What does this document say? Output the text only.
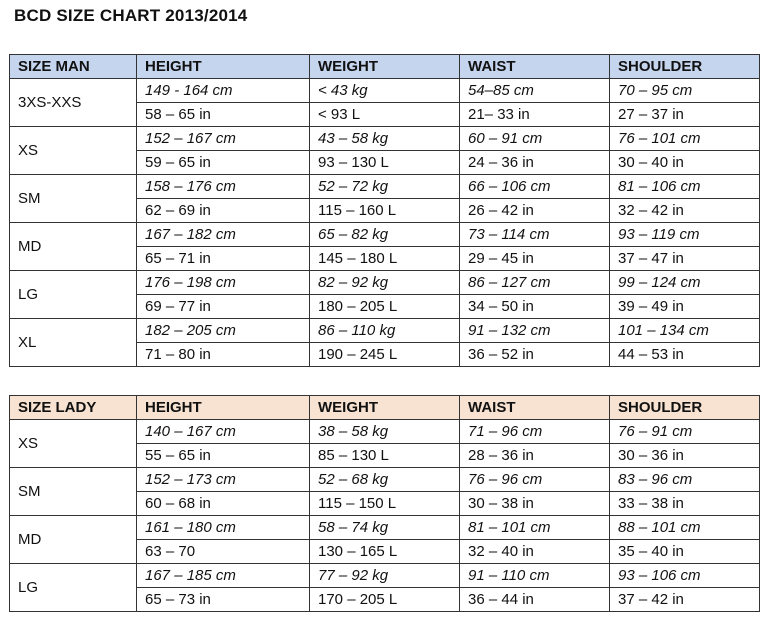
BCD SIZE CHART 2013/2014
SIZE MAN	HEIGHT	WEIGHT	WAIST	SHOULDER
3XS-XXS	149 - 164 cm	< 43 kg	54–85 cm	70 – 95 cm
	58 – 65 in	< 93 L	21– 33 in	27 – 37 in
XS	152 – 167 cm	43 – 58 kg	60 – 91 cm	76 – 101 cm
	59 – 65 in	93 – 130 L	24 – 36 in	30 – 40 in
SM	158 – 176 cm	52 – 72 kg	66 – 106 cm	81 – 106 cm
	62 – 69 in	115 – 160 L	26 – 42 in	32 – 42 in
MD	167 – 182 cm	65 – 82 kg	73 – 114 cm	93 – 119 cm
	65 – 71 in	145 – 180 L	29 – 45 in	37 – 47 in
LG	176 – 198 cm	82 – 92 kg	86 – 127 cm	99 – 124 cm
	69 – 77 in	180 – 205 L	34 – 50 in	39 – 49 in
XL	182 – 205 cm	86 – 110 kg	91 – 132 cm	101 – 134 cm
	71 – 80 in	190 – 245 L	36 – 52 in	44 – 53 in
SIZE LADY	HEIGHT	WEIGHT	WAIST	SHOULDER
XS	140 – 167 cm	38 – 58 kg	71 – 96 cm	76 – 91 cm
	55 – 65 in	85 – 130 L	28 – 36 in	30 – 36 in
SM	152 – 173 cm	52 – 68 kg	76 – 96 cm	83 – 96 cm
	60 – 68 in	115 – 150 L	30 – 38 in	33 – 38 in
MD	161 – 180 cm	58 – 74 kg	81 – 101 cm	88 – 101 cm
	63 – 70	130 – 165 L	32 – 40 in	35 – 40 in
LG	167 – 185 cm	77 – 92 kg	91 – 110 cm	93 – 106 cm
	65 – 73 in	170 – 205 L	36 – 44 in	37 – 42 in
